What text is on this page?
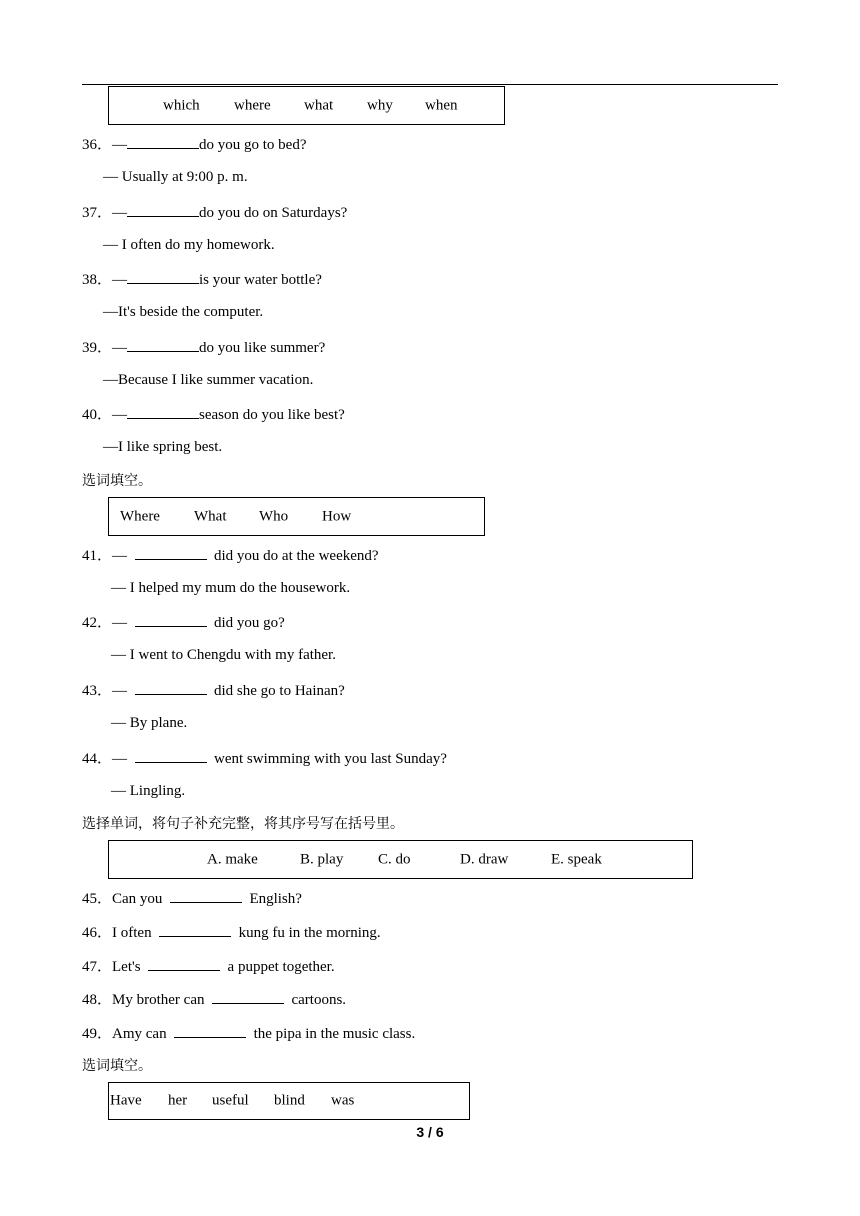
which where what why when
36．—	do you go to bed?
— Usually at 9:00 p. m.
37．—	do you do on Saturdays?
— I often do my homework.
38．—	is your water bottle?
—It's beside the computer.
39．—	do you like summer?
—Because I like summer vacation.
40．—	season do you like best?
—I like spring best.
选词填空。
Where What Who How
41．—	did you do at the weekend?
— I helped my mum do the housework.
42．—	did you go?
— I went to Chengdu with my father.
43．—	did she go to Hainan?
— By plane.
44．—	went swimming with you last Sunday?
— Lingling.
选择单词，将句子补充完整，将其序号写在括号里。
A. make	B. play C. do	D. draw	E. speak
45．Can you	English?
46．I often	kung fu in the morning.
47．Let's	a puppet together.
48．My brother can	cartoons.
49．Amy can	the pipa in the music class.
选词填空。
Have her useful blind was
3 / 6
